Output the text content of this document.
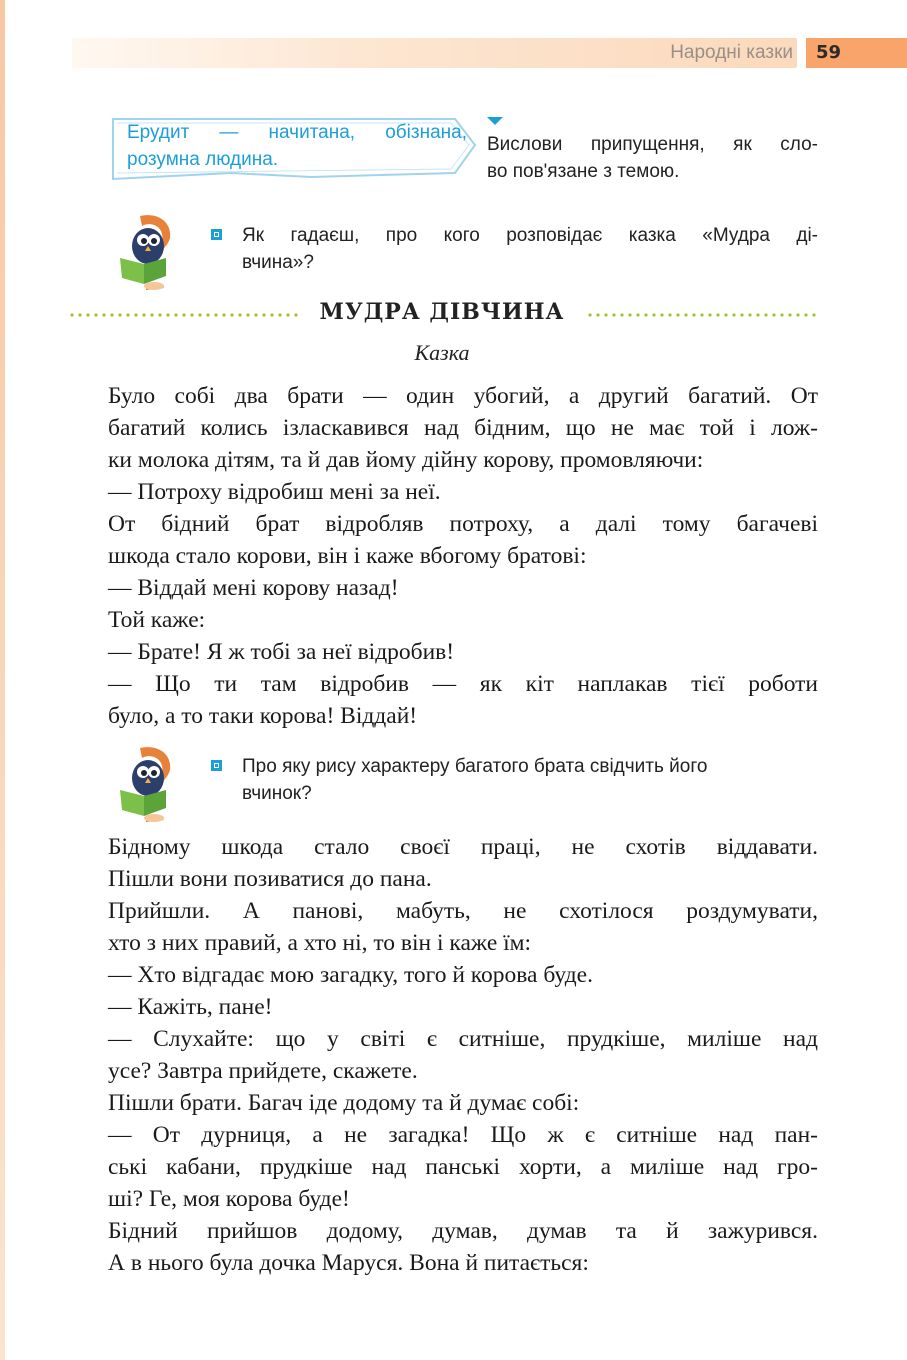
Народні казки	59
Ерудит — начитана, обізнана,
розумна людина.
Вислови припущення, як сло-
во пов'язане з темою.
Як гадаєш, про кого розповідає казка «Мудра ді-
вчина»?
МУДРА ДІВЧИНА
Казка

Було собі два брати — один убогий, а другий багатий. От
багатий колись ізласкавився над бідним, що не має той і лож-
ки молока дітям, та й дав йому дійну корову, промовляючи:

— Потроху відробиш мені за неї.

От бідний брат відробляв потроху, а далі тому багачеві
шкода стало корови, він і каже вбогому братові:

— Віддай мені корову назад!

Той каже:

— Брате! Я ж тобі за неї відробив!

— Що ти там відробив — як кіт наплакав тієї роботи
було, а то таки корова! Віддай!

Про яку рису характеру багатого брата свідчить його
вчинок?

Бідному шкода стало своєї праці, не схотів віддавати.
Пішли вони позиватися до пана.

Прийшли. А панові, мабуть, не схотілося роздумувати,
хто з них правий, а хто ні, то він і каже їм:

— Хто відгадає мою загадку, того й корова буде.

— Кажіть, пане!

— Слухайте: що у світі є ситніше, прудкіше, миліше над
усе? Завтра прийдете, скажете.

Пішли брати. Багач іде додому та й думає собі:

— От дурниця, а не загадка! Що ж є ситніше над пан-
ські кабани, прудкіше над панські хорти, а миліше над гро-
ші? Ге, моя корова буде!

Бідний прийшов додому, думав, думав та й зажурився.
А в нього була дочка Маруся. Вона й питається:
